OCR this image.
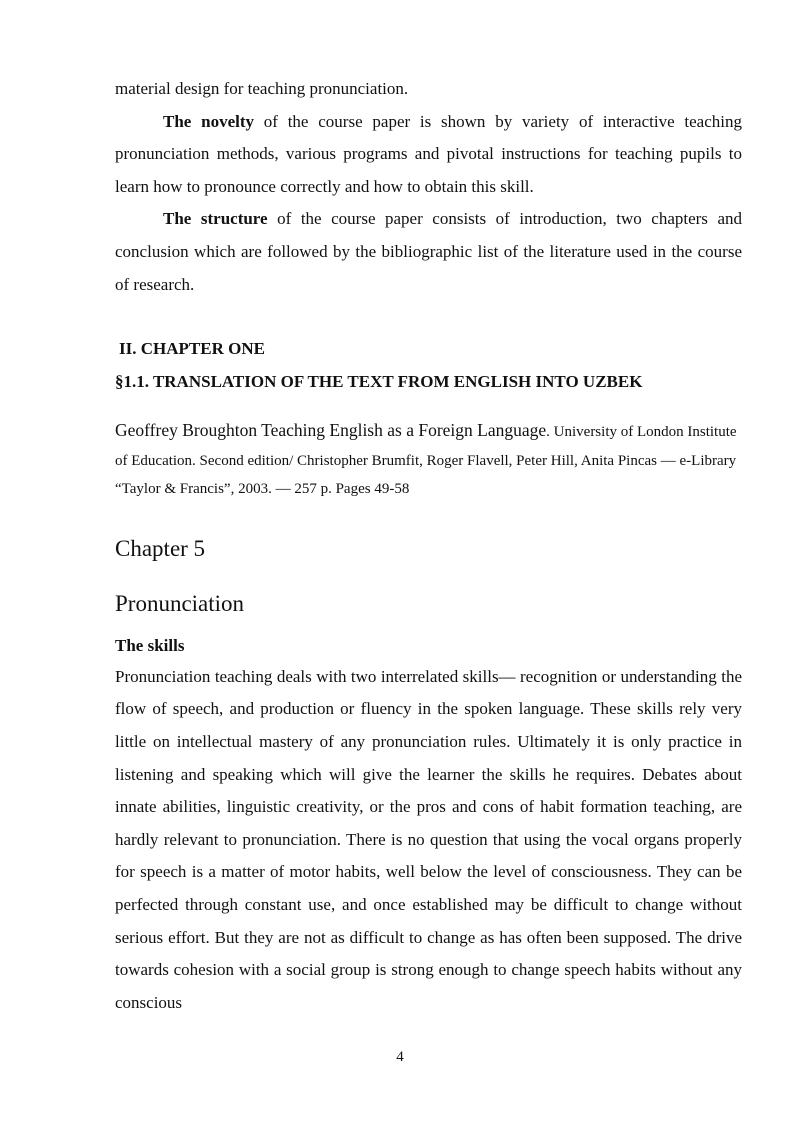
material design for teaching pronunciation.

The novelty of the course paper is shown by variety of interactive teaching pronunciation methods, various programs and pivotal instructions for teaching pupils to learn how to pronounce correctly and how to obtain this skill.

The structure of the course paper consists of introduction, two chapters and conclusion which are followed by the bibliographic list of the literature used in the course of research.

II. CHAPTER ONE

§1.1. TRANSLATION OF THE TEXT FROM ENGLISH INTO UZBEK

Geoffrey Broughton Teaching English as a Foreign Language. University of London Institute of Education. Second edition/ Christopher Brumfit, Roger Flavell, Peter Hill, Anita Pincas — e-Library “Taylor & Francis”, 2003. — 257 p. Pages 49-58

Chapter 5
Pronunciation

The skills

Pronunciation teaching deals with two interrelated skills— recognition or understanding the flow of speech, and production or fluency in the spoken language. These skills rely very little on intellectual mastery of any pronunciation rules. Ultimately it is only practice in listening and speaking which will give the learner the skills he requires. Debates about innate abilities, linguistic creativity, or the pros and cons of habit formation teaching, are hardly relevant to pronunciation. There is no question that using the vocal organs properly for speech is a matter of motor habits, well below the level of consciousness. They can be perfected through constant use, and once established may be difficult to change without serious effort. But they are not as difficult to change as has often been supposed. The drive towards cohesion with a social group is strong enough to change speech habits without any conscious

4
